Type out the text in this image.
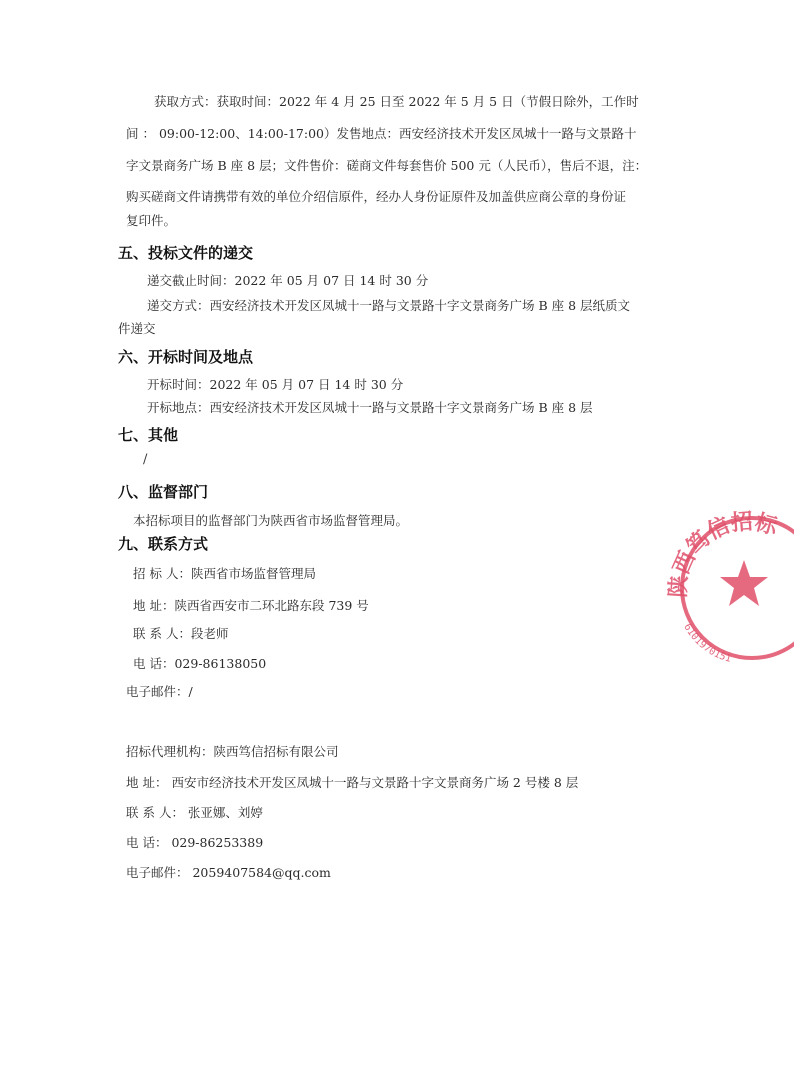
获取方式：获取时间：2022 年 4 月 25 日至 2022 年 5 月 5 日（节假日除外，工作时
间 ： 09:00-12:00、14:00-17:00）发售地点：西安经济技术开发区凤城十一路与文景路十
字文景商务广场 B 座 8 层；文件售价：磋商文件每套售价 500 元（人民币），售后不退，注：
购买磋商文件请携带有效的单位介绍信原件，经办人身份证原件及加盖供应商公章的身份证
复印件。
五、投标文件的递交
递交截止时间：2022 年 05 月 07 日 14 时 30 分
递交方式：西安经济技术开发区凤城十一路与文景路十字文景商务广场 B 座 8 层纸质文
件递交
六、开标时间及地点
开标时间：2022 年 05 月 07 日 14 时 30 分
开标地点：西安经济技术开发区凤城十一路与文景路十字文景商务广场 B 座 8 层
七、其他
/
八、监督部门
本招标项目的监督部门为陕西省市场监督管理局。
九、联系方式
招 标 人：陕西省市场监督管理局
地 址：陕西省西安市二环北路东段 739 号
联 系 人：段老师
电 话：029-86138050
电子邮件：/
招标代理机构：陕西笃信招标有限公司
地 址： 西安市经济技术开发区凤城十一路与文景路十字文景商务广场 2 号楼 8 层
联 系 人： 张亚娜、刘婷
电 话： 029-86253389
电子邮件： 2059407584@qq.com
陕西笃信招标
6101970151
